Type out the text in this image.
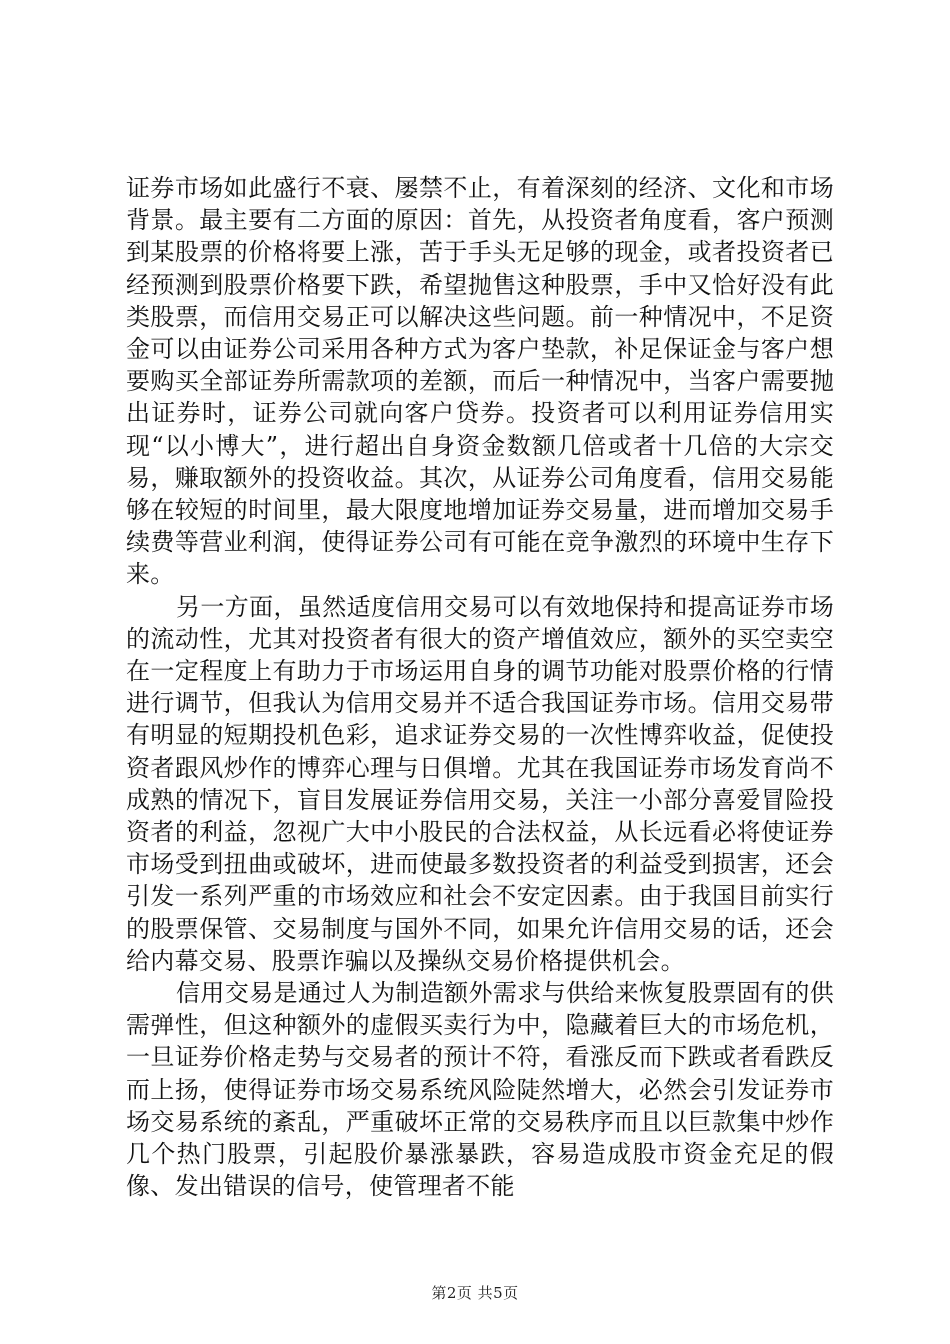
证券市场如此盛行不衰、屡禁不止，有着深刻的经济、文化和市场背景。最主要有二方面的原因：首先，从投资者角度看，客户预测到某股票的价格将要上涨，苦于手头无足够的现金，或者投资者已经预测到股票价格要下跌，希望抛售这种股票，手中又恰好没有此类股票，而信用交易正可以解决这些问题。前一种情况中，不足资金可以由证券公司采用各种方式为客户垫款，补足保证金与客户想要购买全部证券所需款项的差额，而后一种情况中，当客户需要抛出证券时，证券公司就向客户贷券。投资者可以利用证券信用实现“以小博大”，进行超出自身资金数额几倍或者十几倍的大宗交易，赚取额外的投资收益。其次，从证券公司角度看，信用交易能够在较短的时间里，最大限度地增加证券交易量，进而增加交易手续费等营业利润，使得证券公司有可能在竞争激烈的环境中生存下来。

另一方面，虽然适度信用交易可以有效地保持和提高证券市场的流动性，尤其对投资者有很大的资产增值效应，额外的买空卖空在一定程度上有助力于市场运用自身的调节功能对股票价格的行情进行调节，但我认为信用交易并不适合我国证券市场。信用交易带有明显的短期投机色彩，追求证券交易的一次性博弈收益，促使投资者跟风炒作的博弈心理与日俱增。尤其在我国证券市场发育尚不成熟的情况下，盲目发展证券信用交易，关注一小部分喜爱冒险投资者的利益，忽视广大中小股民的合法权益，从长远看必将使证券市场受到扭曲或破坏，进而使最多数投资者的利益受到损害，还会引发一系列严重的市场效应和社会不安定因素。由于我国目前实行的股票保管、交易制度与国外不同，如果允许信用交易的话，还会给内幕交易、股票诈骗以及操纵交易价格提供机会。

信用交易是通过人为制造额外需求与供给来恢复股票固有的供需弹性，但这种额外的虚假买卖行为中，隐藏着巨大的市场危机，一旦证券价格走势与交易者的预计不符，看涨反而下跌或者看跌反而上扬，使得证券市场交易系统风险陡然增大，必然会引发证券市场交易系统的紊乱，严重破坏正常的交易秩序而且以巨款集中炒作几个热门股票，引起股价暴涨暴跌，容易造成股市资金充足的假像、发出错误的信号，使管理者不能

第2页 共5页
